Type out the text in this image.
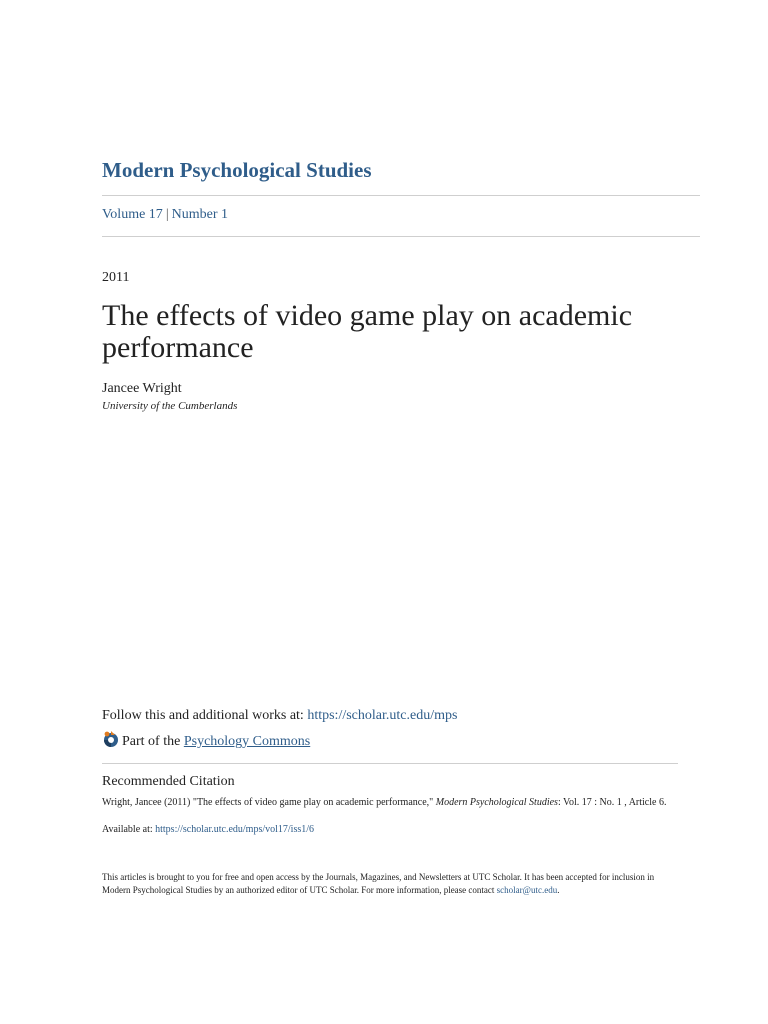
Modern Psychological Studies
Volume 17 | Number 1
2011
The effects of video game play on academic performance
Jancee Wright
University of the Cumberlands
Follow this and additional works at: https://scholar.utc.edu/mps
Part of the Psychology Commons
Recommended Citation
Wright, Jancee (2011) "The effects of video game play on academic performance," Modern Psychological Studies: Vol. 17 : No. 1 , Article 6.
Available at: https://scholar.utc.edu/mps/vol17/iss1/6
This articles is brought to you for free and open access by the Journals, Magazines, and Newsletters at UTC Scholar. It has been accepted for inclusion in Modern Psychological Studies by an authorized editor of UTC Scholar. For more information, please contact scholar@utc.edu.
